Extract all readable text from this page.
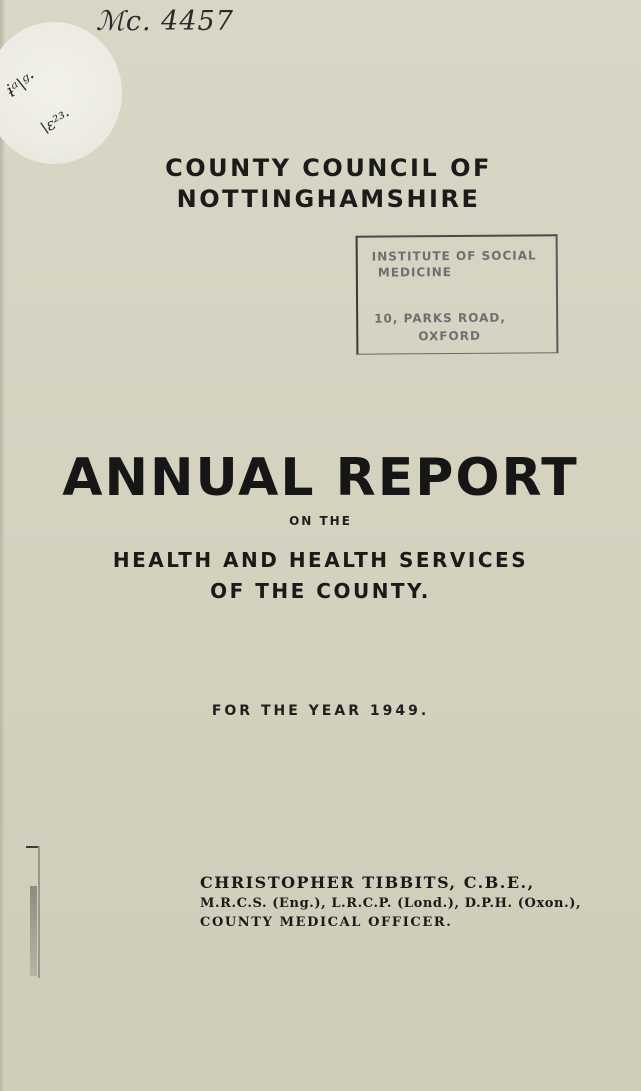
ℳc. 4457
ɨᵃ\ᵍ·
\ε²³·
COUNTY COUNCIL OF
NOTTINGHAMSHIRE
INSTITUTE OF SOCIAL
MEDICINE
10, PARKS ROAD,
OXFORD
ANNUAL REPORT
ON THE
HEALTH AND HEALTH SERVICES
OF THE COUNTY.
FOR THE YEAR 1949.
CHRISTOPHER TIBBITS, C.B.E.,
M.R.C.S. (Eng.), L.R.C.P. (Lond.), D.P.H. (Oxon.),
COUNTY MEDICAL OFFICER.
